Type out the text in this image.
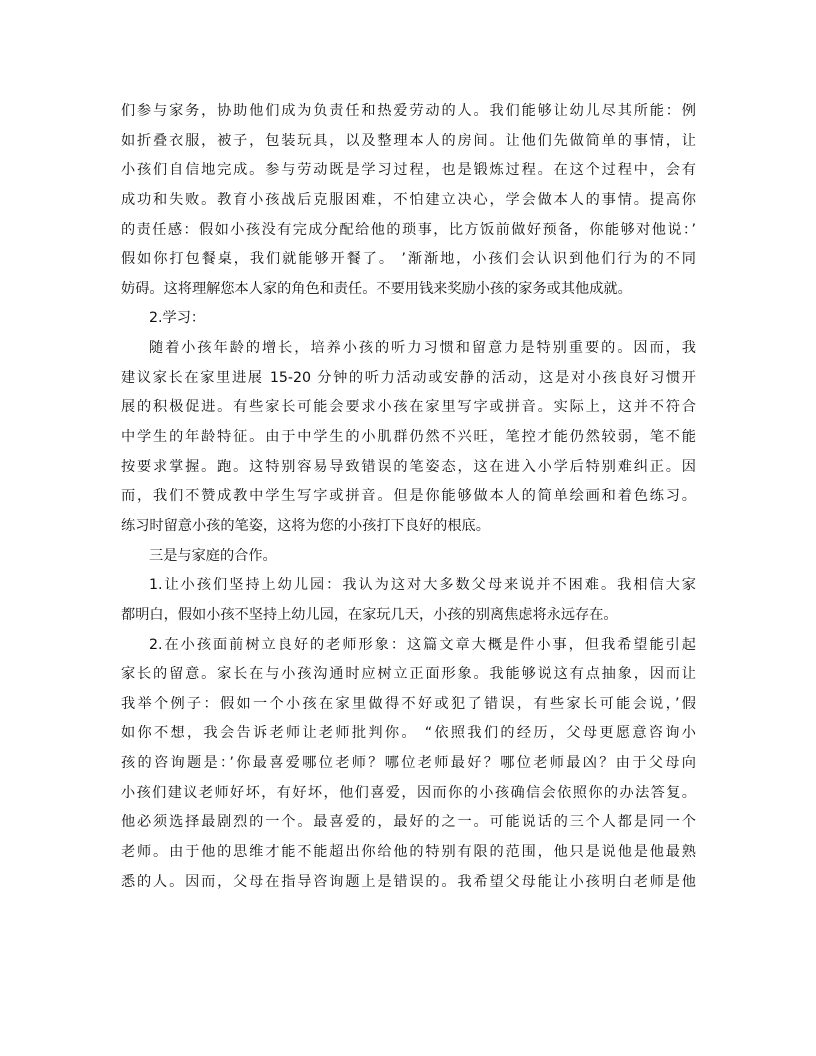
们参与家务，协助他们成为负责任和热爱劳动的人。我们能够让幼儿尽其所能：例
如折叠衣服，被子，包装玩具，以及整理本人的房间。让他们先做简单的事情，让
小孩们自信地完成。参与劳动既是学习过程，也是锻炼过程。在这个过程中，会有
成功和失败。教育小孩战后克服困难，不怕建立决心，学会做本人的事情。提高你
的责任感：假如小孩没有完成分配给他的琐事，比方饭前做好预备，你能够对他说：’
假如你打包餐桌，我们就能够开餐了。 ’渐渐地，小孩们会认识到他们行为的不同
妨碍。这将理解您本人家的角色和责任。不要用钱来奖励小孩的家务或其他成就。
2.学习：
随着小孩年龄的增长，培养小孩的听力习惯和留意力是特别重要的。因而，我
建议家长在家里进展 15-20 分钟的听力活动或安静的活动，这是对小孩良好习惯开
展的积极促进。有些家长可能会要求小孩在家里写字或拼音。实际上，这并不符合
中学生的年龄特征。由于中学生的小肌群仍然不兴旺，笔控才能仍然较弱，笔不能
按要求掌握。跑。这特别容易导致错误的笔姿态，这在进入小学后特别难纠正。因
而，我们不赞成教中学生写字或拼音。但是你能够做本人的简单绘画和着色练习。
练习时留意小孩的笔姿，这将为您的小孩打下良好的根底。
三是与家庭的合作。
1.让小孩们坚持上幼儿园：我认为这对大多数父母来说并不困难。我相信大家
都明白，假如小孩不坚持上幼儿园，在家玩几天，小孩的别离焦虑将永远存在。
2.在小孩面前树立良好的老师形象：这篇文章大概是件小事，但我希望能引起
家长的留意。家长在与小孩沟通时应树立正面形象。我能够说这有点抽象，因而让
我举个例子：假如一个小孩在家里做得不好或犯了错误，有些家长可能会说，’假
如你不想，我会告诉老师让老师批判你。 “依照我们的经历，父母更愿意咨询小
孩的咨询题是：’你最喜爱哪位老师？哪位老师最好？哪位老师最凶？由于父母向
小孩们建议老师好坏，有好坏，他们喜爱，因而你的小孩确信会依照你的办法答复。
他必须选择最剧烈的一个。最喜爱的，最好的之一。可能说话的三个人都是同一个
老师。由于他的思维才能不能超出你给他的特别有限的范围，他只是说他是他最熟
悉的人。因而，父母在指导咨询题上是错误的。我希望父母能让小孩明白老师是他
